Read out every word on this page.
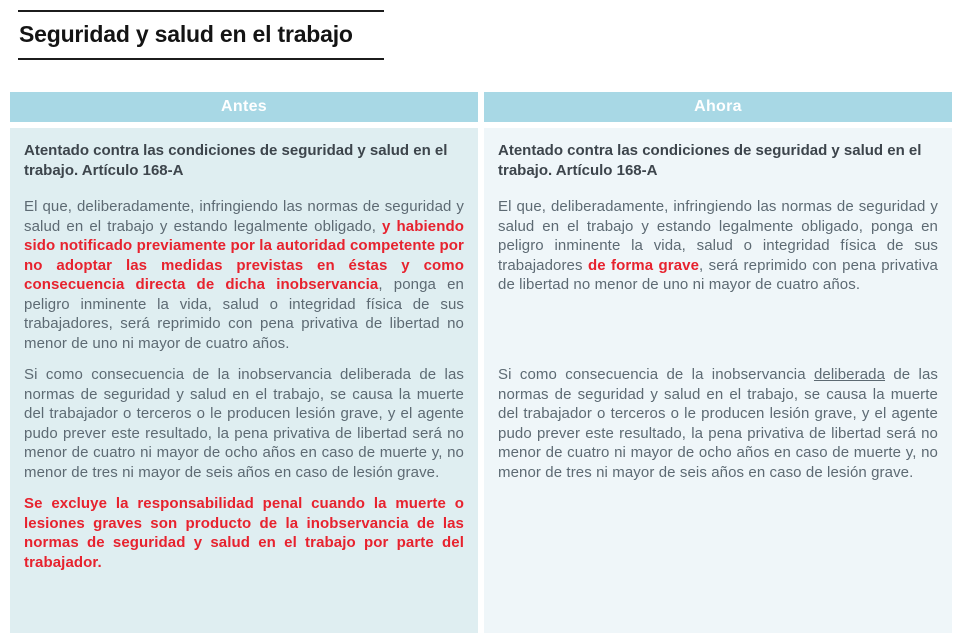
Seguridad y salud en el trabajo
Antes	Ahora
Atentado contra las condiciones de seguridad y salud en el trabajo. Artículo 168-A
Atentado contra las condiciones de seguridad y salud en el trabajo. Artículo 168-A

El que, deliberadamente, infringiendo las normas de seguridad y salud en el trabajo y estando legalmente obligado, y habiendo sido notificado previamente por la autoridad competente por no adoptar las medidas previstas en éstas y como consecuencia directa de dicha inobservancia, ponga en peligro inminente la vida, salud o integridad física de sus trabajadores, será reprimido con pena privativa de libertad no menor de uno ni mayor de cuatro años.

El que, deliberadamente, infringiendo las normas de seguridad y salud en el trabajo y estando legalmente obligado, ponga en peligro inminente la vida, salud o integridad física de sus trabajadores de forma grave, será reprimido con pena privativa de libertad no menor de uno ni mayor de cuatro años.

Si como consecuencia de la inobservancia deliberada de las normas de seguridad y salud en el trabajo, se causa la muerte del trabajador o terceros o le producen lesión grave, y el agente pudo prever este resultado, la pena privativa de libertad será no menor de cuatro ni mayor de ocho años en caso de muerte y, no menor de tres ni mayor de seis años en caso de lesión grave.

Si como consecuencia de la inobservancia deliberada de las normas de seguridad y salud en el trabajo, se causa la muerte del trabajador o terceros o le producen lesión grave, y el agente pudo prever este resultado, la pena privativa de libertad será no menor de cuatro ni mayor de ocho años en caso de muerte y, no menor de tres ni mayor de seis años en caso de lesión grave.

Se excluye la responsabilidad penal cuando la muerte o lesiones graves son producto de la inobservancia de las normas de seguridad y salud en el trabajo por parte del trabajador.
